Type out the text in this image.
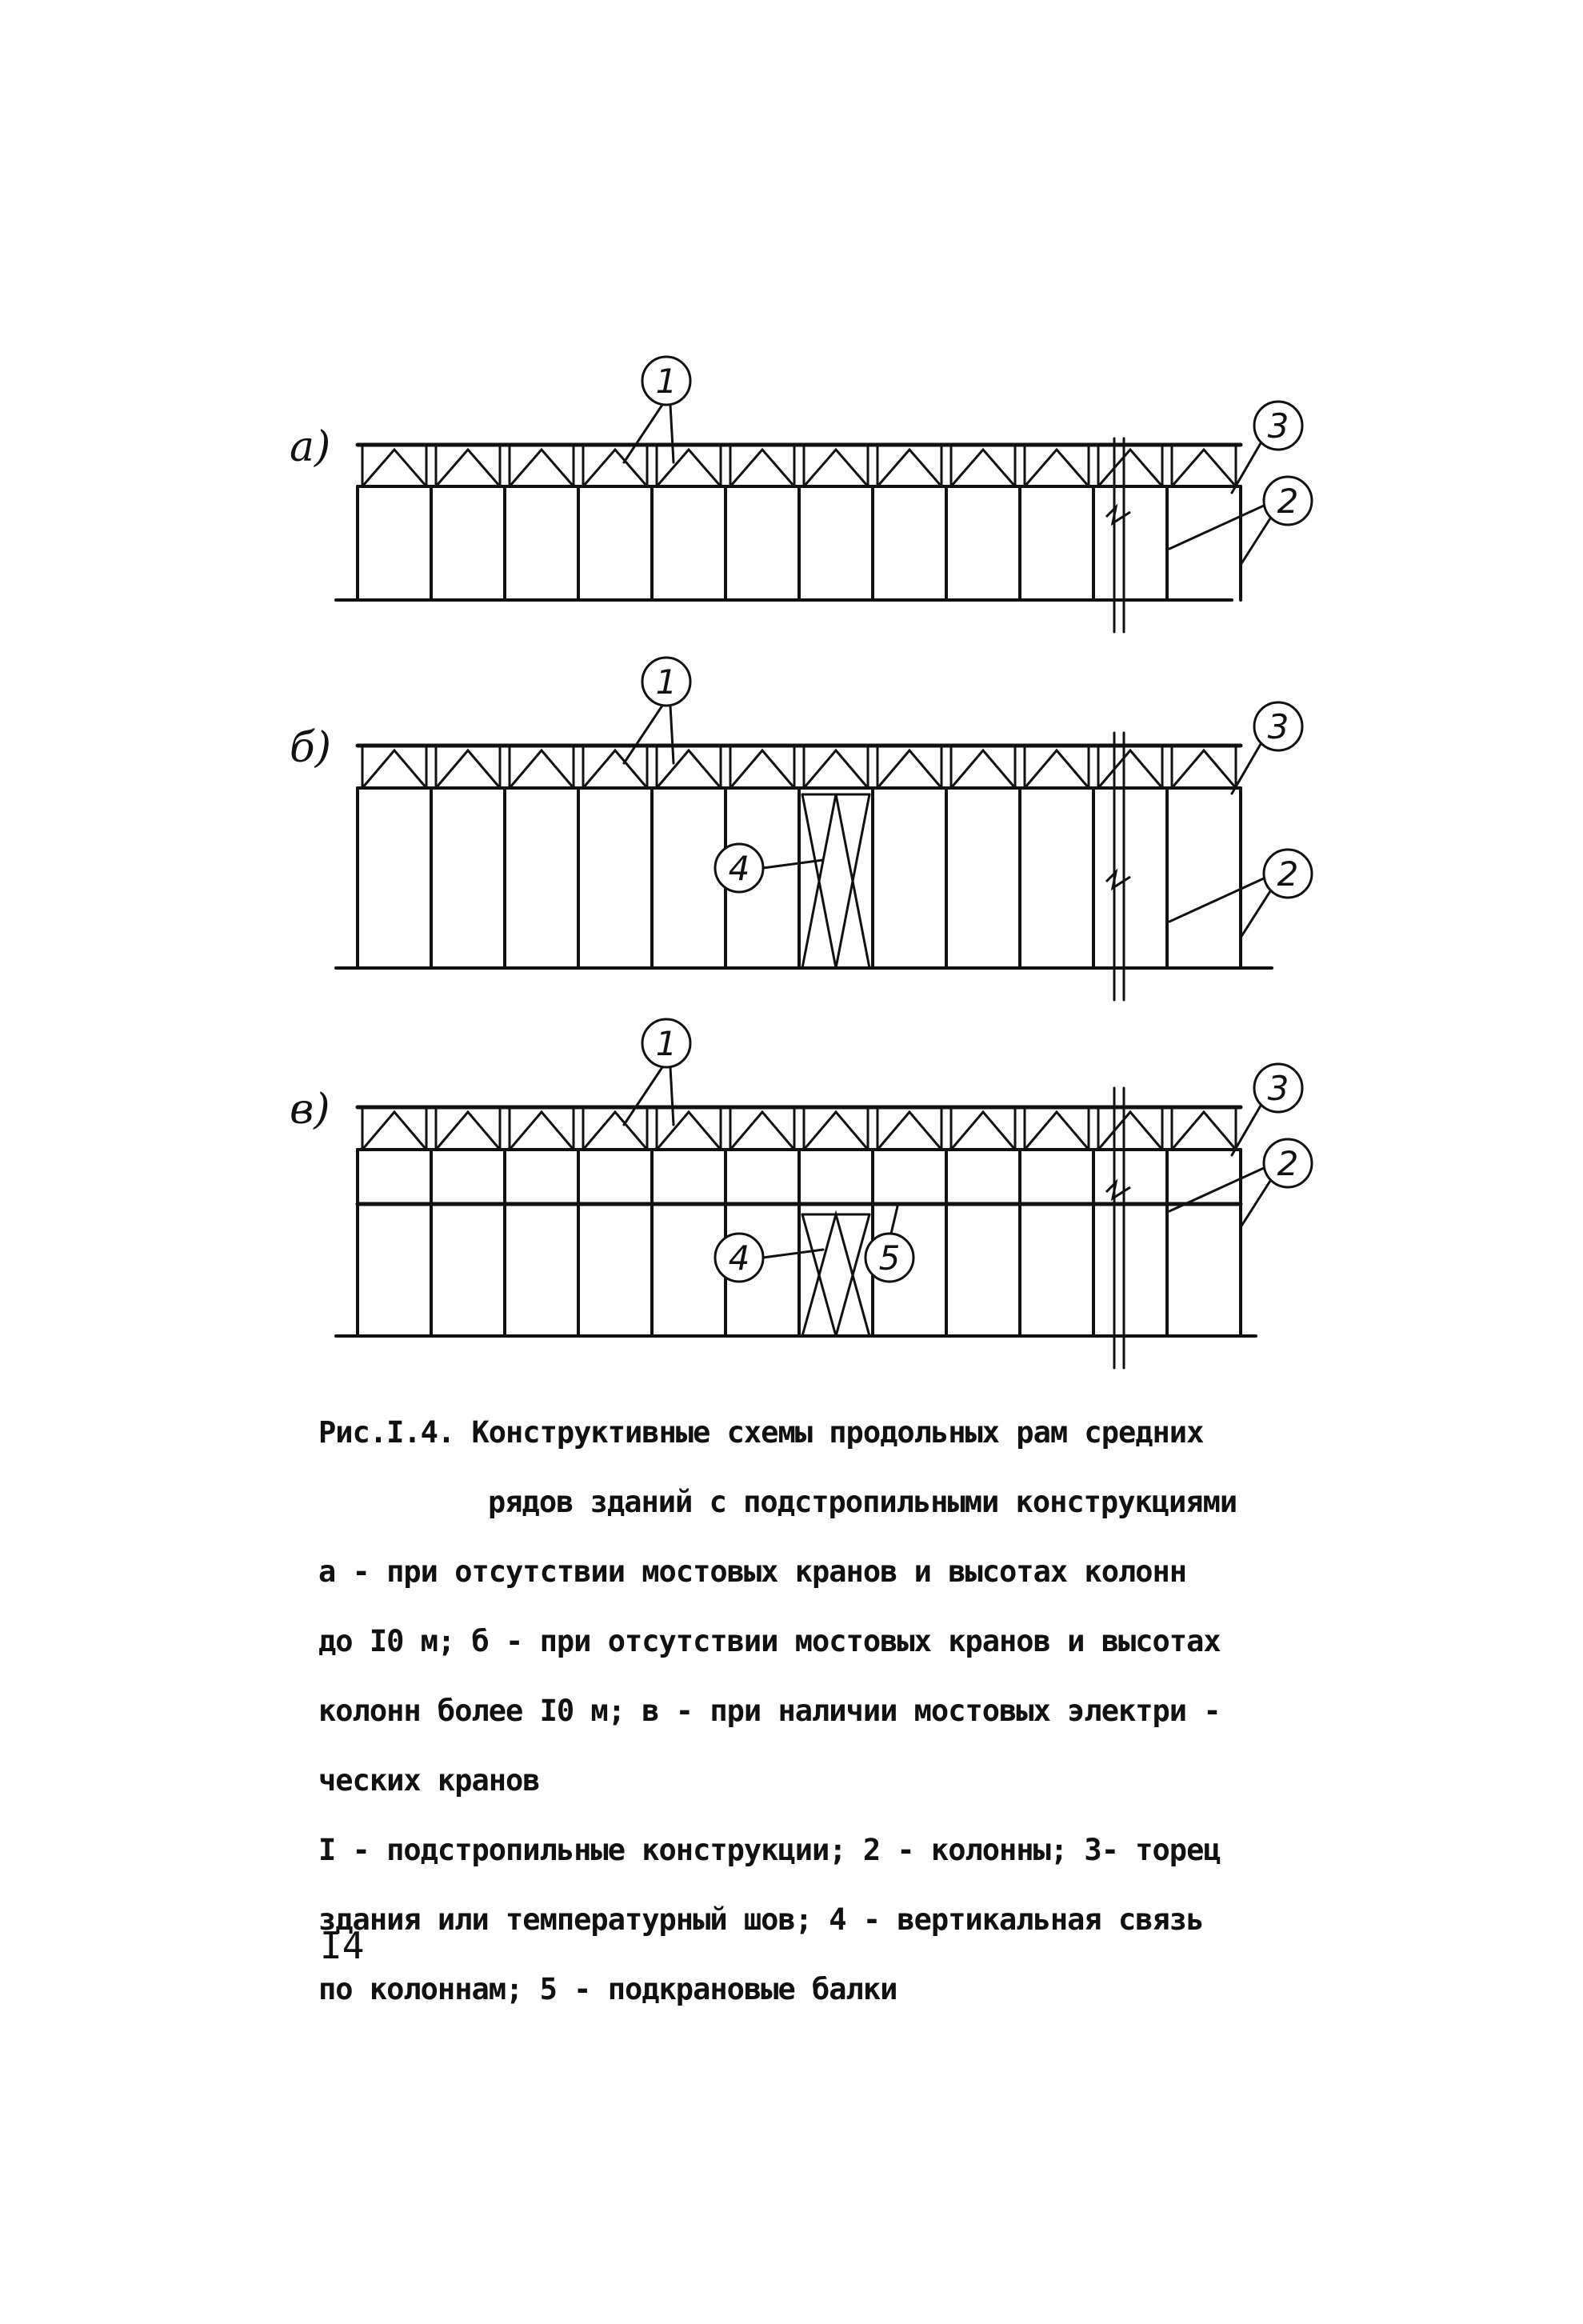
а)
1
3
2
б)
1
3
2
4
в)
1
3
2
4	5

Рис.I.4. Конструктивные схемы продольных рам средних

рядов зданий с подстропильными конструкциями

а - при отсутствии мостовых кранов и высотах колонн

до I0 м; б - при отсутствии мостовых кранов и высотах

колонн более I0 м; в - при наличии мостовых электри -

ческих кранов

I - подстропильные конструкции; 2 - колонны; 3- торец

здания или температурный шов; 4 - вертикальная связь

по колоннам; 5 - подкрановые балки

I4
